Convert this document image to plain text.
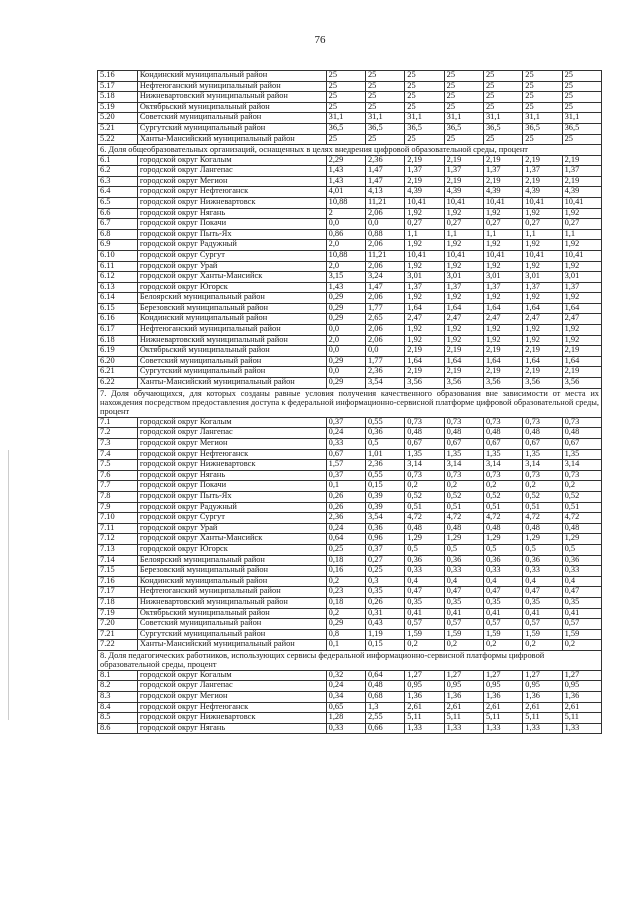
76
5.16	Кондинский муниципальный район	25	25	25	25	25	25	25
5.17	Нефтеюганский муниципальный район	25	25	25	25	25	25	25
5.18	Нижневартовский муниципальный район	25	25	25	25	25	25	25
5.19	Октябрьский муниципальный район	25	25	25	25	25	25	25
5.20	Советский муниципальный район	31,1	31,1	31,1	31,1	31,1	31,1	31,1
5.21	Сургутский муниципальный район	36,5	36,5	36,5	36,5	36,5	36,5	36,5
5.22	Ханты-Мансийский муниципальный район	25	25	25	25	25	25	25
6. Доля общеобразовательных организаций, оснащенных в целях внедрения цифровой образовательной среды, процент								
6.1	городской округ Когалым	2,29	2,36	2,19	2,19	2,19	2,19	2,19
6.2	городской округ Лангепас	1,43	1,47	1,37	1,37	1,37	1,37	1,37
6.3	городской округ Мегион	1,43	1,47	2,19	2,19	2,19	2,19	2,19
6.4	городской округ Нефтеюганск	4,01	4,13	4,39	4,39	4,39	4,39	4,39
6.5	городской округ Нижневартовск	10,88	11,21	10,41	10,41	10,41	10,41	10,41
6.6	городской округ Нягань	2	2,06	1,92	1,92	1,92	1,92	1,92
6.7	городской округ Покачи	0,0	0,0	0,27	0,27	0,27	0,27	0,27
6.8	городской округ Пыть-Ях	0,86	0,88	1,1	1,1	1,1	1,1	1,1
6.9	городской округ Радужный	2,0	2,06	1,92	1,92	1,92	1,92	1,92
6.10	городской округ Сургут	10,88	11,21	10,41	10,41	10,41	10,41	10,41
6.11	городской округ Урай	2,0	2,06	1,92	1,92	1,92	1,92	1,92
6.12	городской округ Ханты-Мансийск	3,15	3,24	3,01	3,01	3,01	3,01	3,01
6.13	городской округ Югорск	1,43	1,47	1,37	1,37	1,37	1,37	1,37
6.14	Белоярский муниципальный район	0,29	2,06	1,92	1,92	1,92	1,92	1,92
6.15	Березовский муниципальный район	0,29	1,77	1,64	1,64	1,64	1,64	1,64
6.16	Кондинский муниципальный район	0,29	2,65	2,47	2,47	2,47	2,47	2,47
6.17	Нефтеюганский муниципальный район	0,0	2,06	1,92	1,92	1,92	1,92	1,92
6.18	Нижневартовский муниципальный район	2,0	2,06	1,92	1,92	1,92	1,92	1,92
6.19	Октябрьский муниципальный район	0,0	0,0	2,19	2,19	2,19	2,19	2,19
6.20	Советский муниципальный район	0,29	1,77	1,64	1,64	1,64	1,64	1,64
6.21	Сургутский муниципальный район	0,0	2,36	2,19	2,19	2,19	2,19	2,19
6.22	Ханты-Мансийский муниципальный район	0,29	3,54	3,56	3,56	3,56	3,56	3,56
7. Доля обучающихся, для которых созданы равные условия получения качественного образования вне зависимости от места их нахождения посредством предоставления доступа к федеральной информационно-сервисной платформе цифровой образовательной среды, процент								
7.1	городской округ Когалым	0,37	0,55	0,73	0,73	0,73	0,73	0,73
7.2	городской округ Лангепас	0,24	0,36	0,48	0,48	0,48	0,48	0,48
7.3	городской округ Мегион	0,33	0,5	0,67	0,67	0,67	0,67	0,67
7.4	городской округ Нефтеюганск	0,67	1,01	1,35	1,35	1,35	1,35	1,35
7.5	городской округ Нижневартовск	1,57	2,36	3,14	3,14	3,14	3,14	3,14
7.6	городской округ Нягань	0,37	0,55	0,73	0,73	0,73	0,73	0,73
7.7	городской округ Покачи	0,1	0,15	0,2	0,2	0,2	0,2	0,2
7.8	городской округ Пыть-Ях	0,26	0,39	0,52	0,52	0,52	0,52	0,52
7.9	городской округ Радужный	0,26	0,39	0,51	0,51	0,51	0,51	0,51
7.10	городской округ Сургут	2,36	3,54	4,72	4,72	4,72	4,72	4,72
7.11	городской округ Урай	0,24	0,36	0,48	0,48	0,48	0,48	0,48
7.12	городской округ Ханты-Мансийск	0,64	0,96	1,29	1,29	1,29	1,29	1,29
7.13	городской округ Югорск	0,25	0,37	0,5	0,5	0,5	0,5	0,5
7.14	Белоярский муниципальный район	0,18	0,27	0,36	0,36	0,36	0,36	0,36
7.15	Березовский муниципальный район	0,16	0,25	0,33	0,33	0,33	0,33	0,33
7.16	Кондинский муниципальный район	0,2	0,3	0,4	0,4	0,4	0,4	0,4
7.17	Нефтеюганский муниципальный район	0,23	0,35	0,47	0,47	0,47	0,47	0,47
7.18	Нижневартовский муниципальный район	0,18	0,26	0,35	0,35	0,35	0,35	0,35
7.19	Октябрьский муниципальный район	0,2	0,31	0,41	0,41	0,41	0,41	0,41
7.20	Советский муниципальный район	0,29	0,43	0,57	0,57	0,57	0,57	0,57
7.21	Сургутский муниципальный район	0,8	1,19	1,59	1,59	1,59	1,59	1,59
7.22	Ханты-Мансийский муниципальный район	0,1	0,15	0,2	0,2	0,2	0,2	0,2
8. Доля педагогических работников, использующих сервисы федеральной информационно-сервисной платформы цифровой образовательной среды, процент								
8.1	городской округ Когалым	0,32	0,64	1,27	1,27	1,27	1,27	1,27
8.2	городской округ Лангепас	0,24	0,48	0,95	0,95	0,95	0,95	0,95
8.3	городской округ Мегион	0,34	0,68	1,36	1,36	1,36	1,36	1,36
8.4	городской округ Нефтеюганск	0,65	1,3	2,61	2,61	2,61	2,61	2,61
8.5	городской округ Нижневартовск	1,28	2,55	5,11	5,11	5,11	5,11	5,11
8.6	городской округ Нягань	0,33	0,66	1,33	1,33	1,33	1,33	1,33
